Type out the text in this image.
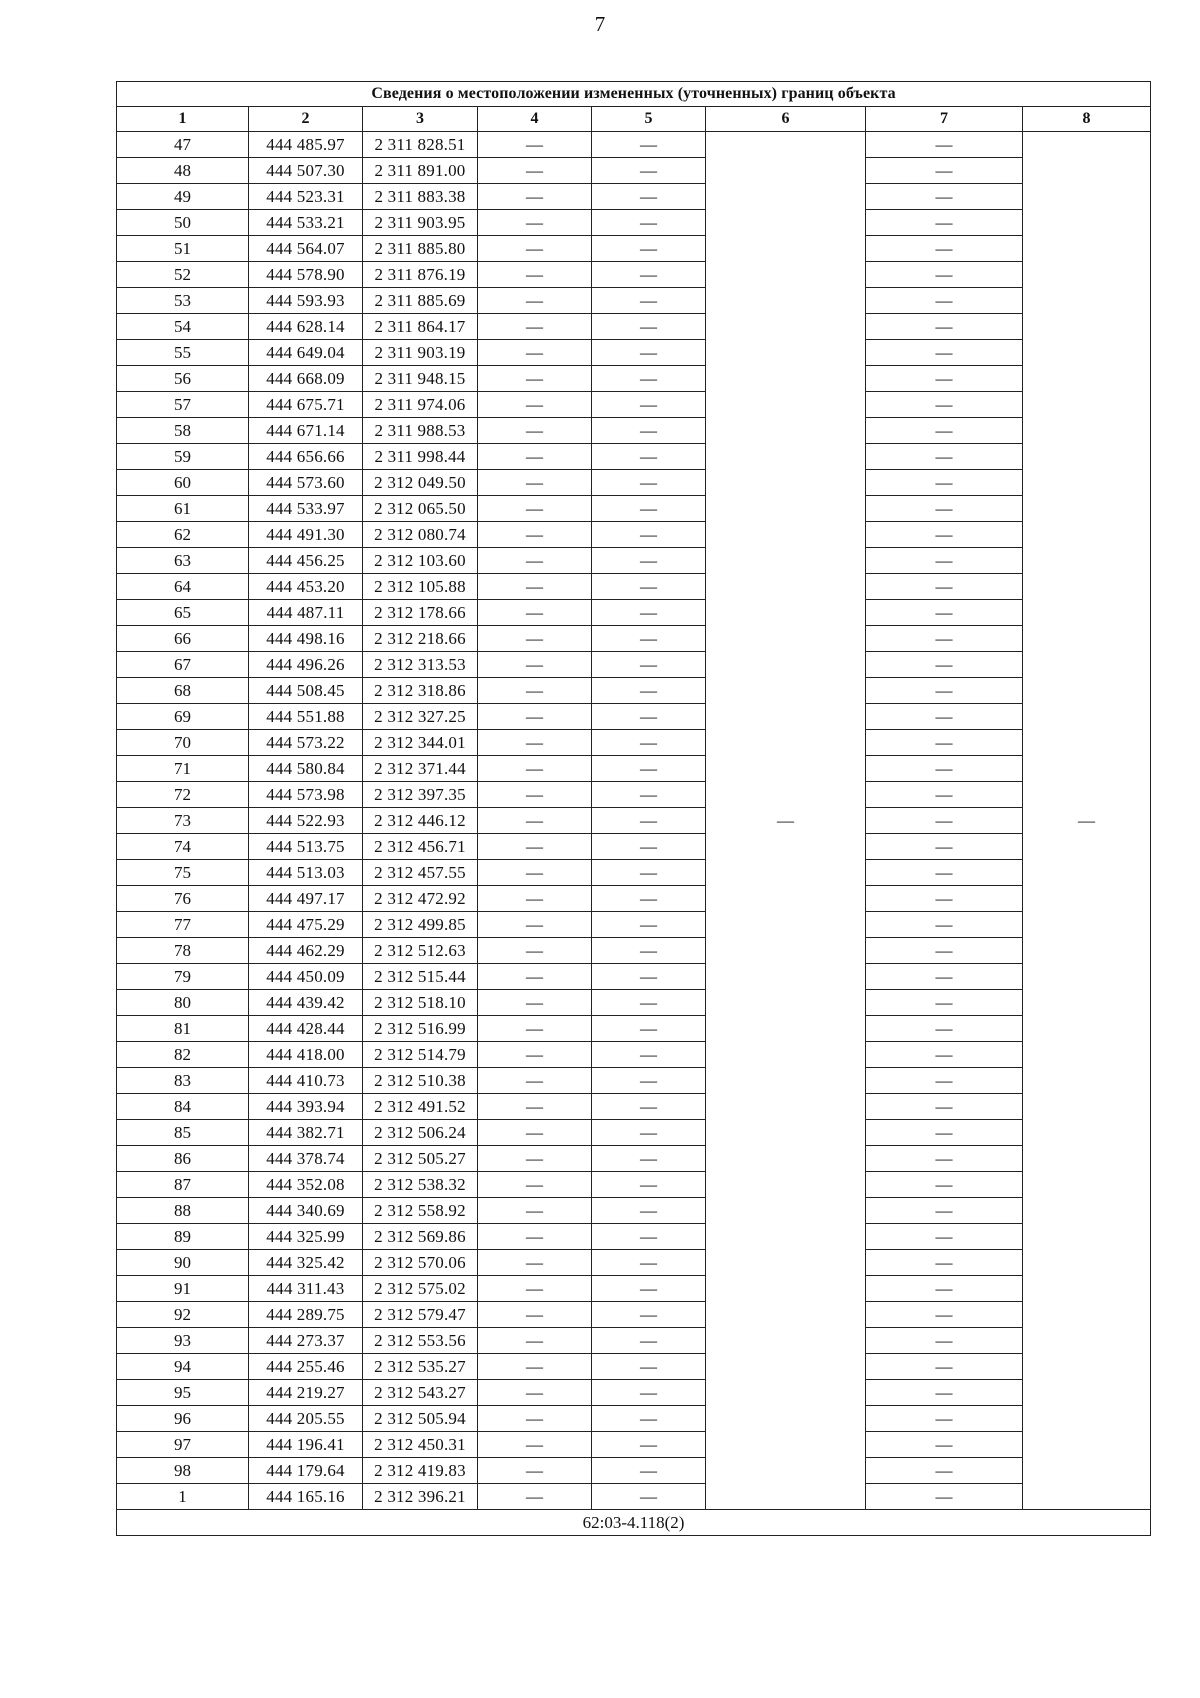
7
Сведения о местоположении измененных (уточненных) границ объекта							
1	2	3	4	5	6	7	8
47	444 485.97	2 311 828.51	—	—	—	—	—
48	444 507.30	2 311 891.00	—	—		—	
49	444 523.31	2 311 883.38	—	—		—	
50	444 533.21	2 311 903.95	—	—		—	
51	444 564.07	2 311 885.80	—	—		—	
52	444 578.90	2 311 876.19	—	—		—	
53	444 593.93	2 311 885.69	—	—		—	
54	444 628.14	2 311 864.17	—	—		—	
55	444 649.04	2 311 903.19	—	—		—	
56	444 668.09	2 311 948.15	—	—		—	
57	444 675.71	2 311 974.06	—	—		—	
58	444 671.14	2 311 988.53	—	—		—	
59	444 656.66	2 311 998.44	—	—		—	
60	444 573.60	2 312 049.50	—	—		—	
61	444 533.97	2 312 065.50	—	—		—	
62	444 491.30	2 312 080.74	—	—		—	
63	444 456.25	2 312 103.60	—	—		—	
64	444 453.20	2 312 105.88	—	—		—	
65	444 487.11	2 312 178.66	—	—		—	
66	444 498.16	2 312 218.66	—	—		—	
67	444 496.26	2 312 313.53	—	—		—	
68	444 508.45	2 312 318.86	—	—		—	
69	444 551.88	2 312 327.25	—	—		—	
70	444 573.22	2 312 344.01	—	—		—	
71	444 580.84	2 312 371.44	—	—		—	
72	444 573.98	2 312 397.35	—	—		—	
73	444 522.93	2 312 446.12	—	—		—	
74	444 513.75	2 312 456.71	—	—		—	
75	444 513.03	2 312 457.55	—	—		—	
76	444 497.17	2 312 472.92	—	—		—	
77	444 475.29	2 312 499.85	—	—		—	
78	444 462.29	2 312 512.63	—	—		—	
79	444 450.09	2 312 515.44	—	—		—	
80	444 439.42	2 312 518.10	—	—		—	
81	444 428.44	2 312 516.99	—	—		—	
82	444 418.00	2 312 514.79	—	—		—	
83	444 410.73	2 312 510.38	—	—		—	
84	444 393.94	2 312 491.52	—	—		—	
85	444 382.71	2 312 506.24	—	—		—	
86	444 378.74	2 312 505.27	—	—		—	
87	444 352.08	2 312 538.32	—	—		—	
88	444 340.69	2 312 558.92	—	—		—	
89	444 325.99	2 312 569.86	—	—		—	
90	444 325.42	2 312 570.06	—	—		—	
91	444 311.43	2 312 575.02	—	—		—	
92	444 289.75	2 312 579.47	—	—		—	
93	444 273.37	2 312 553.56	—	—		—	
94	444 255.46	2 312 535.27	—	—		—	
95	444 219.27	2 312 543.27	—	—		—	
96	444 205.55	2 312 505.94	—	—		—	
97	444 196.41	2 312 450.31	—	—		—	
98	444 179.64	2 312 419.83	—	—		—	
1	444 165.16	2 312 396.21	—	—		—	
62:03-4.118(2)							
